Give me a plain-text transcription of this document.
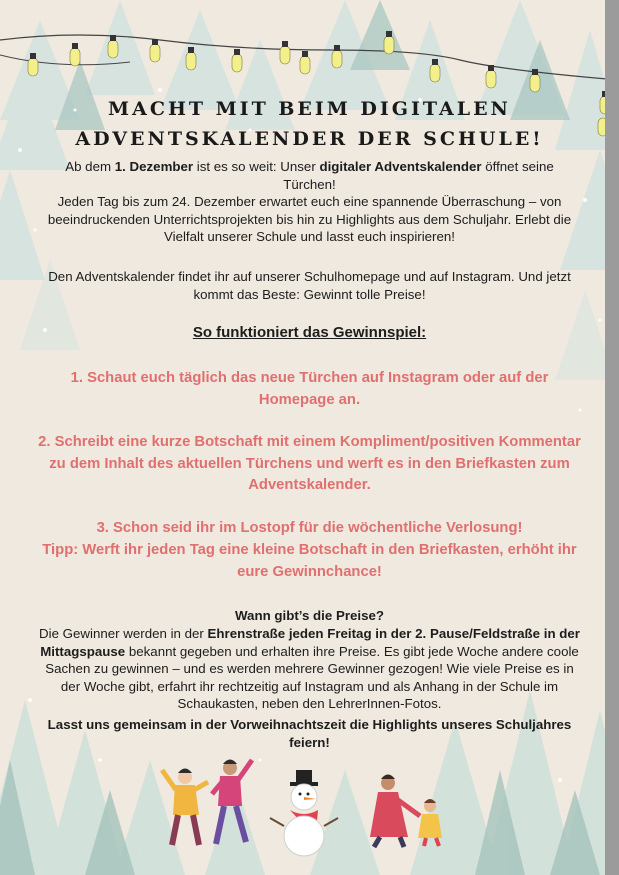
MACHT MIT BEIM DIGITALEN
ADVENTSKALENDER DER SCHULE!
Ab dem 1. Dezember ist es so weit: Unser digitaler Adventskalender öffnet seine Türchen!
Jeden Tag bis zum 24. Dezember erwartet euch eine spannende Überraschung – von beeindruckenden Unterrichtsprojekten bis hin zu Highlights aus dem Schuljahr. Erlebt die Vielfalt unserer Schule und lasst euch inspirieren!
Den Adventskalender findet ihr auf unserer Schulhomepage und auf Instagram. Und jetzt kommt das Beste: Gewinnt tolle Preise!
So funktioniert das Gewinnspiel:
1. Schaut euch täglich das neue Türchen auf Instagram oder auf der Homepage an.
2. Schreibt eine kurze Botschaft mit einem Kompliment/positiven Kommentar zu dem Inhalt des aktuellen Türchens und werft es in den Briefkasten zum Adventskalender.
3. Schon seid ihr im Lostopf für die wöchentliche Verlosung!
Tipp: Werft ihr jeden Tag eine kleine Botschaft in den Briefkasten, erhöht ihr eure Gewinnchance!
Wann gibt’s die Preise?
Die Gewinner werden in der Ehrenstraße jeden Freitag in der 2. Pause/Feldstraße in der Mittagspause bekannt gegeben und erhalten ihre Preise. Es gibt jede Woche andere coole Sachen zu gewinnen – und es werden mehrere Gewinner gezogen! Wie viele Preise es in der Woche gibt, erfahrt ihr rechtzeitig auf Instagram und als Anhang in der Schule im Schaukasten, neben den LehrerInnen-Fotos.
Lasst uns gemeinsam in der Vorweihnachtszeit die Highlights unseres Schuljahres feiern!
